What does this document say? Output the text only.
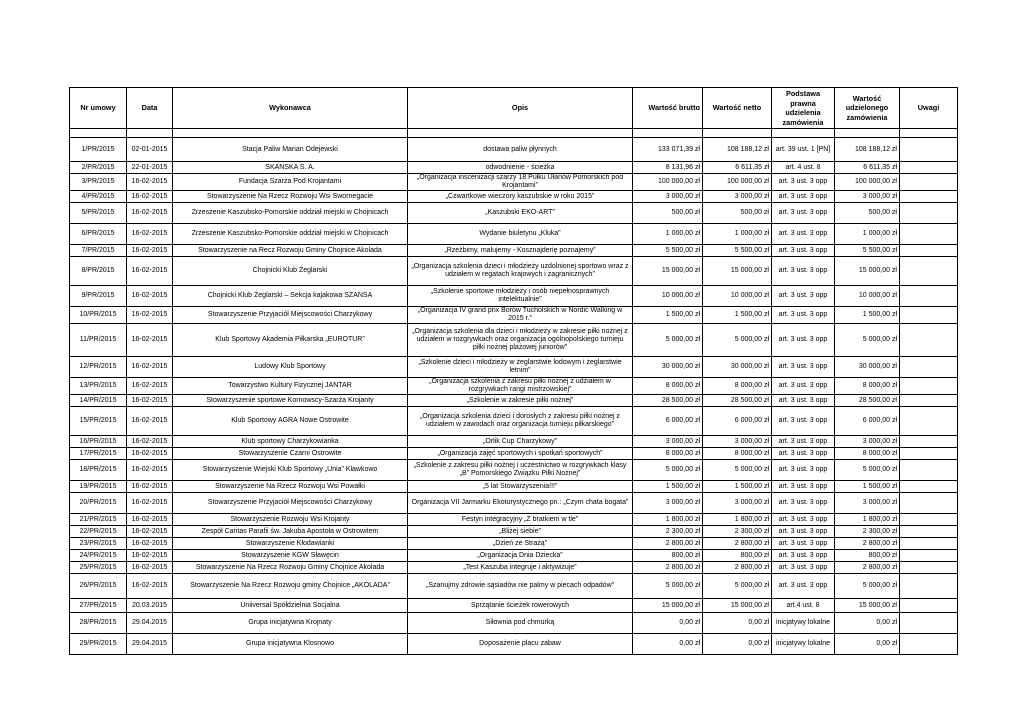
Nr umowy	Data	Wykonawca	Opis	Wartość brutto	Wartość netto	Podstawa prawna udzielenia zamówienia	Wartość udzielonego zamówienia	Uwagi

1/PR/2015	02-01-2015	Stacja Paliw Marian Odejewski	dostawa paliw płynnych	133 071,39 zł	108 188,12 zł	art. 39 ust. 1 [PN]	108 188,12 zł	
2/PR/2015	22-01-2015	SKANSKA S. A.	odwodnienie - ścieżka	8 131,96 zł	6 611,35 zł	art. 4 ust. 8	6 611,35 zł	
3/PR/2015	16-02-2015	Fundacja Szarża Pod Krojantami	„Organizacja inscenizacji szarży 18 Pułku Ułanów Pomorskich pod Krojantami”	100 000,00 zł	100 000,00 zł	art. 3 ust. 3 opp	100 000,00 zł	
4/PR/2015	16-02-2015	Stowarzyszenie Na Rzecz Rozwoju Wsi Swornegacie	„Czwartkowe wieczory kaszubskie w roku 2015”	3 000,00 zł	3 000,00 zł	art. 3 ust. 3 opp	3 000,00 zł	
5/PR/2015	16-02-2015	Zrzeszenie Kaszubsko-Pomorskie oddział miejski w Chojnicach	„Kaszubski EKO-ART”	500,00 zł	500,00 zł	art. 3 ust. 3 opp	500,00 zł	
6/PR/2015	16-02-2015	Zrzeszenie Kaszubsko-Pomorskie oddział miejski w Chojnicach	Wydanie biuletynu „Kluka”	1 000,00 zł	1 000,00 zł	art. 3 ust. 3 opp	1 000,00 zł	
7/PR/2015	16-02-2015	Stowarzyszenie na Recz Rozwoju Gminy Chojnice Akolada	„Rzeźbimy, malujemy - Kosznajderię poznajemy”	5 500,00 zł	5 500,00 zł	art. 3 ust. 3 opp	5 500,00 zł	
8/PR/2015	16-02-2015	Chojnicki Klub Żeglarski	„Organizacja szkolenia dzieci i młodzieży uzdolnionej sportowo wraz z udziałem w regatach krajowych i zagranicznych”	15 000,00 zł	15 000,00 zł	art. 3 ust. 3 opp	15 000,00 zł	
9/PR/2015	16-02-2015	Chojnicki Klub Żeglarski – Sekcja kajakowa SZANSA	„Szkolenie sportowe młodzieży i osób niepełnosprawnych intelektualnie”	10 000,00 zł	10 000,00 zł	art. 3 ust. 3 opp	10 000,00 zł	
10/PR/2015	16-02-2015	Stowarzyszenie Przyjaciół Miejscowości Charzykowy	„Organizacja IV grand prix Borów Tucholskich w Nordic Walking w 2015 r.”	1 500,00 zł	1 500,00 zł	art. 3 ust. 3 opp	1 500,00 zł	
11/PR/2015	16-02-2015	Klub Sportowy Akademia Piłkarska „EUROTUR”	„Organizacja szkolenia dla dzieci i młodzieży w zakresie piłki nożnej z udziałem w rozgrywkach oraz organizacja ogólnopolskiego turnieju piłki nożnej plażowej juniorów”	5 000,00 zł	5 000,00 zł	art. 3 ust. 3 opp	5 000,00 zł	
12/PR/2015	16-02-2015	Ludowy Klub Sportowy	„Szkolenie dzieci i młodzieży w żeglarstwie lodowym i żeglarstwie letnim”	30 000,00 zł	30 000,00 zł	art. 3 ust. 3 opp	30 000,00 zł	
13/PR/2015	16-02-2015	Towarzystwo Kultury Fizycznej JANTAR	„Organizacja szkolenia z zakresu piłki nożnej z udziałem w rozgrywkach rangi mistrzowskiej”	8 000,00 zł	8 000,00 zł	art. 3 ust. 3 opp	8 000,00 zł	
14/PR/2015	16-02-2015	Stowarzyszenie sportowe Kornowscy-Szarża Krojanty	„Szkolenie w zakresie piłki nożnej”	28 500,00 zł	28 500,00 zł	art. 3 ust. 3 opp	28 500,00 zł	
15/PR/2015	16-02-2015	Klub Sportowy AGRA Nowe Ostrowite	„Organizacja szkolenia dzieci i dorosłych z zakresu piłki nożnej z udziałem w zawodach oraz organizacja turnieju piłkarskiego”	6 000,00 zł	6 000,00 zł	art. 3 ust. 3 opp	6 000,00 zł	
16/PR/2015	16-02-2015	Klub sportowy Charzykowianka	„Orlik Cup Charzykowy”	3 000,00 zł	3 000,00 zł	art. 3 ust. 3 opp	3 000,00 zł	
17/PR/2015	16-02-2015	Stowarzyszenie Czarni Ostrowite	„Organizacja zajęć sportowych i spotkań sportowych”	8 000,00 zł	8 000,00 zł	art. 3 ust. 3 opp	8 000,00 zł	
18/PR/2015	16-02-2015	Stowarzyszenie Wiejski Klub Sportowy „Unia” Klawkowo	„Szkolenie z zakresu piłki nożnej i uczestnictwo w rozgrywkach klasy „B” Pomorskiego Związku Piłki Nożnej”	5 000,00 zł	5 000,00 zł	art. 3 ust. 3 opp	5 000,00 zł	
19/PR/2015	16-02-2015	Stowarzyszenie Na Rzecz Rozwoju Wsi Powałki	„5 lat Stowarzyszenia!!!”	1 500,00 zł	1 500,00 zł	art. 3 ust. 3 opp	1 500,00 zł	
20/PR/2015	16-02-2015	Stowarzyszenie Przyjaciół Miejscowości Charzykowy	Organizacja VII Jarmarku Ekoturystycznego pn.: „Czym chata bogata”	3 000,00 zł	3 000,00 zł	art. 3 ust. 3 opp	3 000,00 zł	
21/PR/2015	16-02-2015	Stowarzyszenie Rozwoju Wsi Krojanty	Festyn integracyjny „Z bratkiem w tle”	1 800,00 zł	1 800,00 zł	art. 3 ust. 3 opp	1 800,00 zł	
22/PR/2015	16-02-2015	Zespół Caritas Parafii św. Jakuba Apostoła w Ostrowitem	„Bliżej siebie”	2 300,00 zł	2 300,00 zł	art. 3 ust. 3 opp	2 300,00 zł	
23/PR/2015	16-02-2015	Stowarzyszenie Kłodawianki	„Dzień ze Strażą”	2 800,00 zł	2 800,00 zł	art. 3 ust. 3 opp	2 800,00 zł	
24/PR/2015	16-02-2015	Stowarzyszenie KGW Sławęcin	„Organizacja Dnia Dziecka”	800,00 zł	800,00 zł	art. 3 ust. 3 opp	800,00 zł	
25/PR/2015	16-02-2015	Stowarzyszenie Na Rzecz Rozwoju Gminy Chojnice Akolada	„Test Kaszuba integruje i aktywizuje”	2 800,00 zł	2 800,00 zł	art. 3 ust. 3 opp	2 800,00 zł	
26/PR/2015	16-02-2015	Stowarzyszenie Na Rzecz Rozwoju gminy Chojnice „AKOLADA”	„Szanujmy zdrowie sąsiadów nie palmy w piecach odpadów”	5 000,00 zł	5 000,00 zł	art. 3 ust. 3 opp	5 000,00 zł	
27/PR/2015	20.03.2015	Uniiversal Spółdzielnia Socjalna	Sprzątanie ścieżek rowerowych	15 000,00 zł	15 000,00 zł	art.4 ust. 8	15 000,00 zł	
28/PR/2015	29.04.2015	Grupa inicjatywna Krojnaty	Siłownia pod chmurką	0,00 zł	0,00 zł	inicjatywy lokalne	0,00 zł	
29/PR/2015	29.04.2015	Grupa inicjatywna Klosnowo	Doposażenie placu zabaw	0,00 zł	0,00 zł	inicjatywy lokalne	0,00 zł	
